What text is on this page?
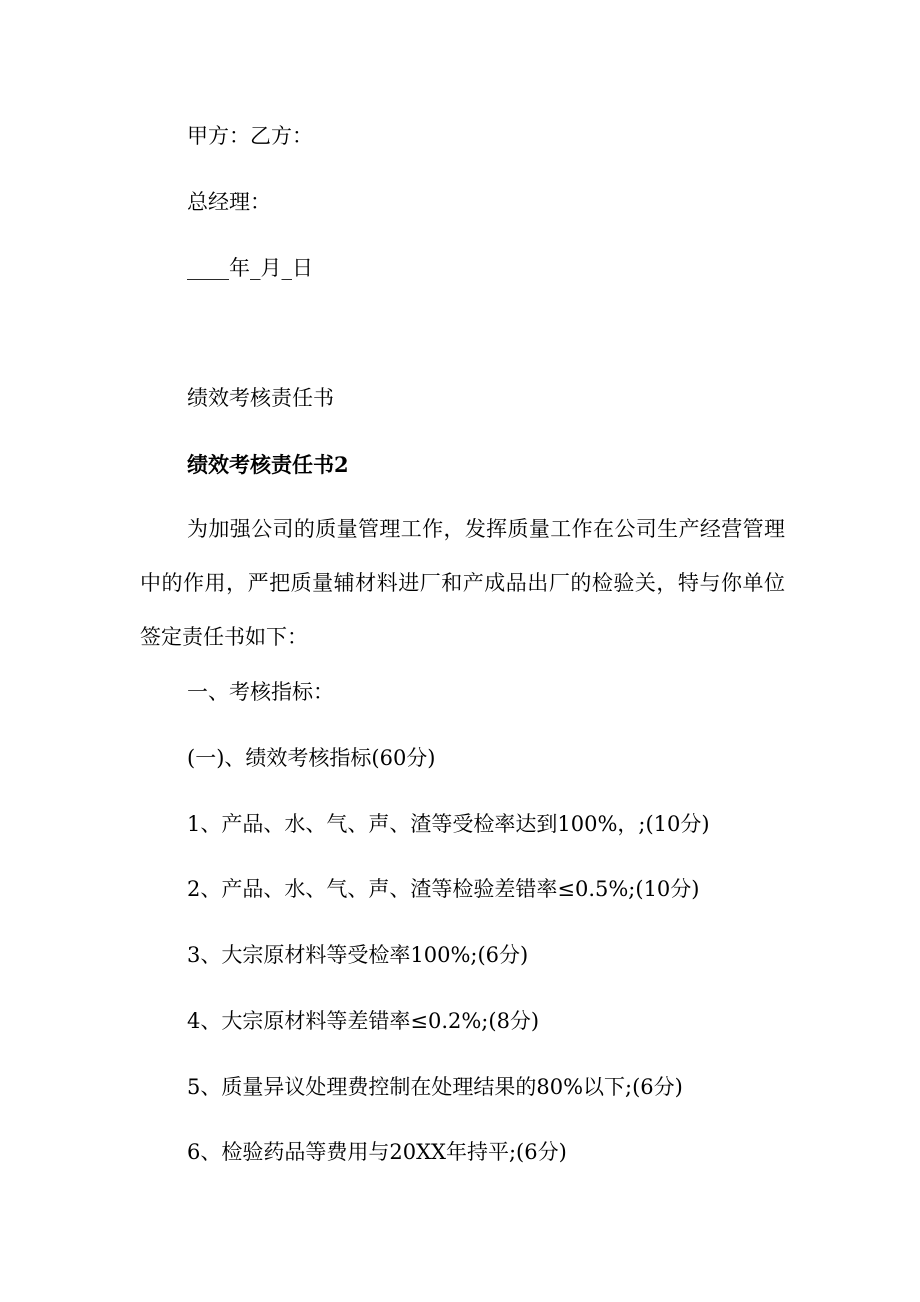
甲方：乙方：

总经理：

____年_月_日

绩效考核责任书

绩效考核责任书2

为加强公司的质量管理工作，发挥质量工作在公司生产经营管理中的作用，严把质量辅材料进厂和产成品出厂的检验关，特与你单位签定责任书如下：

一、考核指标：

(一)、绩效考核指标(60分)

1、产品、水、气、声、渣等受检率达到100%，;(10分)

2、产品、水、气、声、渣等检验差错率≤0.5%;(10分)

3、大宗原材料等受检率100%;(6分)

4、大宗原材料等差错率≤0.2%;(8分)

5、质量异议处理费控制在处理结果的80%以下;(6分)

6、检验药品等费用与20XX年持平;(6分)
